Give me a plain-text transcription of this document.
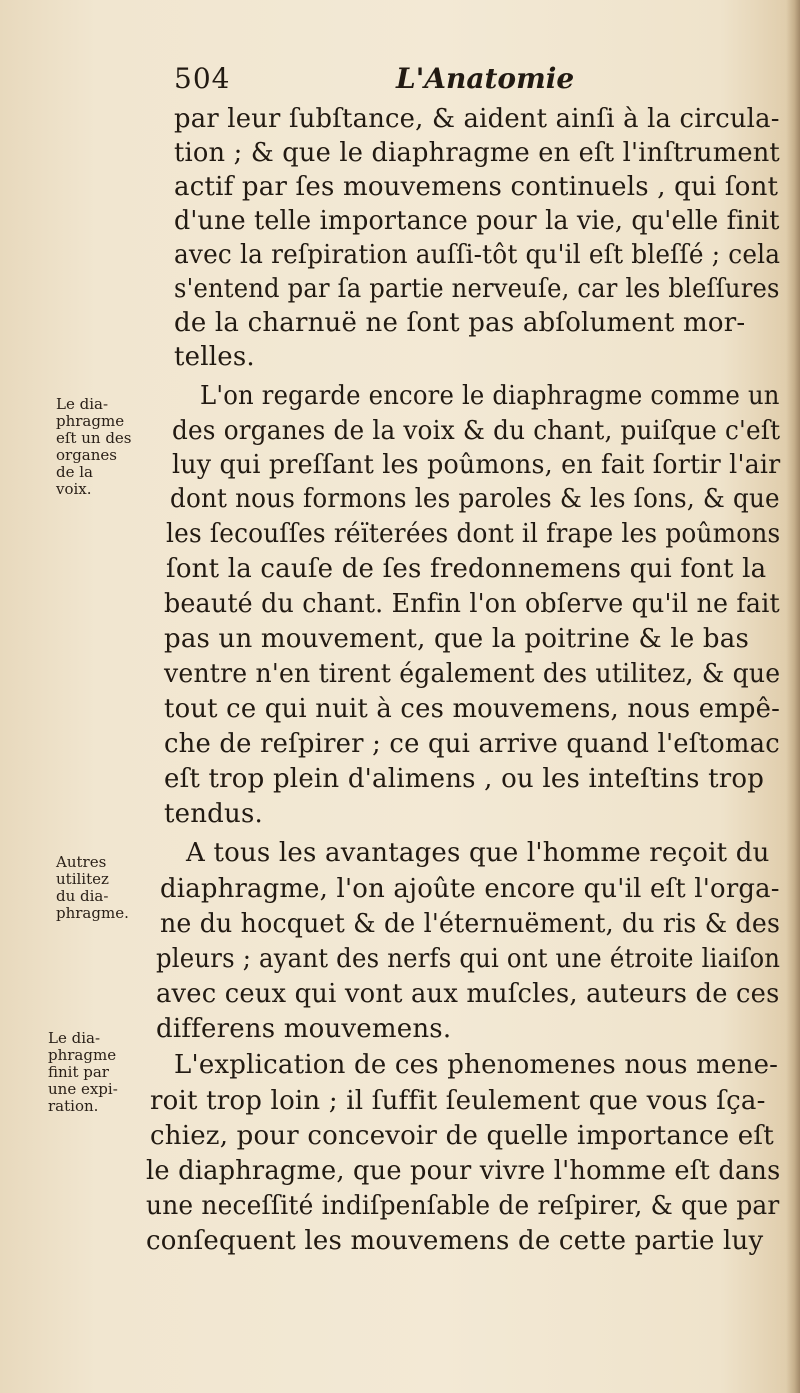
504	L'Anatomie
par leur ſubſtance, & aident ainſi à la circula-
tion ; & que le diaphragme en eſt l'inſtrument
actif par ſes mouvemens continuels , qui ſont
d'une telle importance pour la vie, qu'elle finit
avec la reſpiration auſſi-tôt qu'il eſt bleſſé ; cela
s'entend par ſa partie nerveuſe, car les bleſſures
de la charnuë ne ſont pas abſolument mor-
telles.
L'on regarde encore le diaphragme comme un
des organes de la voix & du chant, puiſque c'eſt
luy qui preſſant les poûmons, en fait ſortir l'air
dont nous formons les paroles & les ſons, & que
les ſecouſſes réïterées dont il frape les poûmons
ſont la cauſe de ſes fredonnemens qui font la
beauté du chant. Enfin l'on obſerve qu'il ne fait
pas un mouvement, que la poitrine & le bas
ventre n'en tirent également des utilitez, & que
tout ce qui nuit à ces mouvemens, nous empê-
che de reſpirer ; ce qui arrive quand l'eſtomac
eſt trop plein d'alimens , ou les inteſtins trop
tendus.
A tous les avantages que l'homme reçoit du
diaphragme, l'on ajoûte encore qu'il eſt l'orga-
ne du hocquet & de l'éternuëment, du ris & des
pleurs ; ayant des nerfs qui ont une étroite liaiſon
avec ceux qui vont aux muſcles, auteurs de ces
differens mouvemens.
L'explication de ces phenomenes nous mene-
roit trop loin ; il ſuffit ſeulement que vous ſça-
chiez, pour concevoir de quelle importance eſt
le diaphragme, que pour vivre l'homme eſt dans
une neceſſité indiſpenſable de reſpirer, & que par
conſequent les mouvemens de cette partie luy
Le dia-
phragme
eſt un des
organes
de la
voix.
Autres
utilitez
du dia-
phragme.
Le dia-
phragme
finit par
une expi-
ration.
